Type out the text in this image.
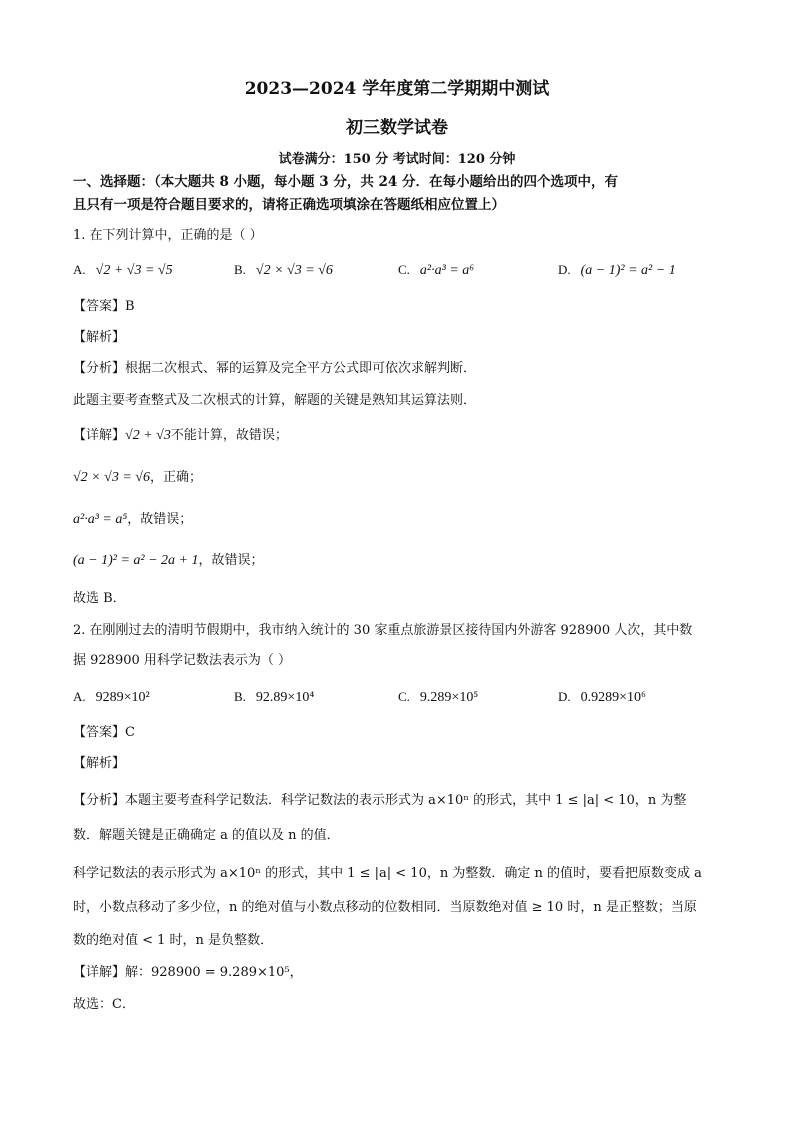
2023—2024 学年度第二学期期中测试
初三数学试卷
试卷满分：150 分 考试时间：120 分钟
一、选择题：（本大题共 8 小题，每小题 3 分，共 24 分．在每小题给出的四个选项中，有
且只有一项是符合题目要求的，请将正确选项填涂在答题纸相应位置上）
1. 在下列计算中，正确的是（ ）
A. √2 + √3 = √5	B. √2 × √3 = √6	C. a²·a³ = a⁶	D. (a − 1)² = a² − 1
【答案】B
【解析】
【分析】根据二次根式、幂的运算及完全平方公式即可依次求解判断．
此题主要考查整式及二次根式的计算，解题的关键是熟知其运算法则．
【详解】√2 + √3不能计算，故错误；
√2 × √3 = √6，正确；
a²·a³ = a⁵，故错误；
(a − 1)² = a² − 2a + 1，故错误；
故选 B．
2. 在刚刚过去的清明节假期中，我市纳入统计的 30 家重点旅游景区接待国内外游客 928900 人次，其中数
据 928900 用科学记数法表示为（ ）
A. 9289×10²	B. 92.89×10⁴	C. 9.289×10⁵	D. 0.9289×10⁶
【答案】C
【解析】
【分析】本题主要考查科学记数法．科学记数法的表示形式为 a×10ⁿ 的形式，其中 1 ≤ |a| < 10，n 为整
数．解题关键是正确确定 a 的值以及 n 的值．
科学记数法的表示形式为 a×10ⁿ 的形式，其中 1 ≤ |a| < 10，n 为整数．确定 n 的值时，要看把原数变成 a
时，小数点移动了多少位，n 的绝对值与小数点移动的位数相同．当原数绝对值 ≥ 10 时，n 是正整数；当原
数的绝对值 < 1 时，n 是负整数．
【详解】解：928900 = 9.289×10⁵，
故选：C．
